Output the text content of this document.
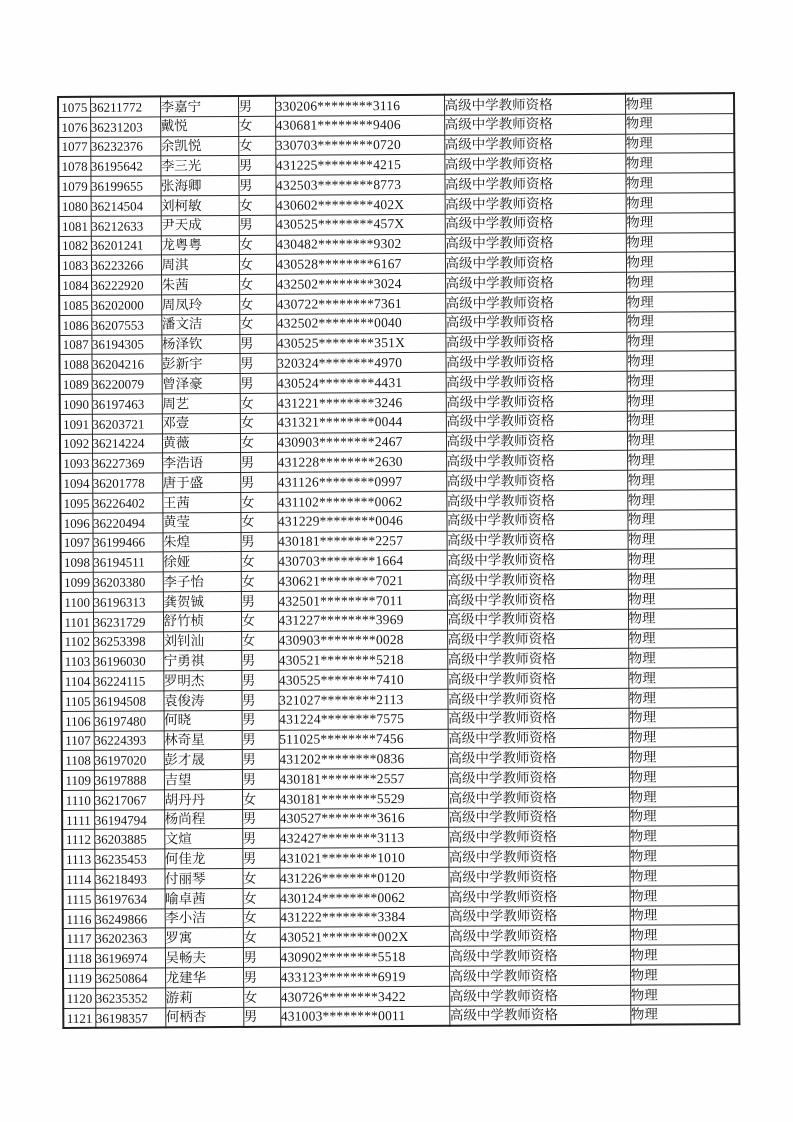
1075	36211772	李嘉宁	男	330206********3116	高级中学教师资格	物理
1076	36231203	戴悦	女	430681********9406	高级中学教师资格	物理
1077	36232376	余凯悦	女	330703********0720	高级中学教师资格	物理
1078	36195642	李三光	男	431225********4215	高级中学教师资格	物理
1079	36199655	张海卿	男	432503********8773	高级中学教师资格	物理
1080	36214504	刘柯敏	女	430602********402X	高级中学教师资格	物理
1081	36212633	尹天成	男	430525********457X	高级中学教师资格	物理
1082	36201241	龙粤粤	女	430482********9302	高级中学教师资格	物理
1083	36223266	周淇	女	430528********6167	高级中学教师资格	物理
1084	36222920	朱茜	女	432502********3024	高级中学教师资格	物理
1085	36202000	周凤玲	女	430722********7361	高级中学教师资格	物理
1086	36207553	潘文洁	女	432502********0040	高级中学教师资格	物理
1087	36194305	杨泽钦	男	430525********351X	高级中学教师资格	物理
1088	36204216	彭新宇	男	320324********4970	高级中学教师资格	物理
1089	36220079	曾泽豪	男	430524********4431	高级中学教师资格	物理
1090	36197463	周艺	女	431221********3246	高级中学教师资格	物理
1091	36203721	邓壹	女	431321********0044	高级中学教师资格	物理
1092	36214224	黄薇	女	430903********2467	高级中学教师资格	物理
1093	36227369	李浩语	男	431228********2630	高级中学教师资格	物理
1094	36201778	唐于盛	男	431126********0997	高级中学教师资格	物理
1095	36226402	王茜	女	431102********0062	高级中学教师资格	物理
1096	36220494	黄莹	女	431229********0046	高级中学教师资格	物理
1097	36199466	朱煌	男	430181********2257	高级中学教师资格	物理
1098	36194511	徐娅	女	430703********1664	高级中学教师资格	物理
1099	36203380	李子怡	女	430621********7021	高级中学教师资格	物理
1100	36196313	龚贺铖	男	432501********7011	高级中学教师资格	物理
1101	36231729	舒竹桢	女	431227********3969	高级中学教师资格	物理
1102	36253398	刘钊汕	女	430903********0028	高级中学教师资格	物理
1103	36196030	宁勇祺	男	430521********5218	高级中学教师资格	物理
1104	36224115	罗明杰	男	430525********7410	高级中学教师资格	物理
1105	36194508	袁俊涛	男	321027********2113	高级中学教师资格	物理
1106	36197480	何晓	男	431224********7575	高级中学教师资格	物理
1107	36224393	林奇星	男	511025********7456	高级中学教师资格	物理
1108	36197020	彭才晟	男	431202********0836	高级中学教师资格	物理
1109	36197888	吉望	男	430181********2557	高级中学教师资格	物理
1110	36217067	胡丹丹	女	430181********5529	高级中学教师资格	物理
1111	36194794	杨尚程	男	430527********3616	高级中学教师资格	物理
1112	36203885	文煊	男	432427********3113	高级中学教师资格	物理
1113	36235453	何佳龙	男	431021********1010	高级中学教师资格	物理
1114	36218493	付丽琴	女	431226********0120	高级中学教师资格	物理
1115	36197634	喻卓茜	女	430124********0062	高级中学教师资格	物理
1116	36249866	李小洁	女	431222********3384	高级中学教师资格	物理
1117	36202363	罗寓	女	430521********002X	高级中学教师资格	物理
1118	36196974	吴畅夫	男	430902********5518	高级中学教师资格	物理
1119	36250864	龙建华	男	433123********6919	高级中学教师资格	物理
1120	36235352	游莉	女	430726********3422	高级中学教师资格	物理
1121	36198357	何柄杏	男	431003********0011	高级中学教师资格	物理
